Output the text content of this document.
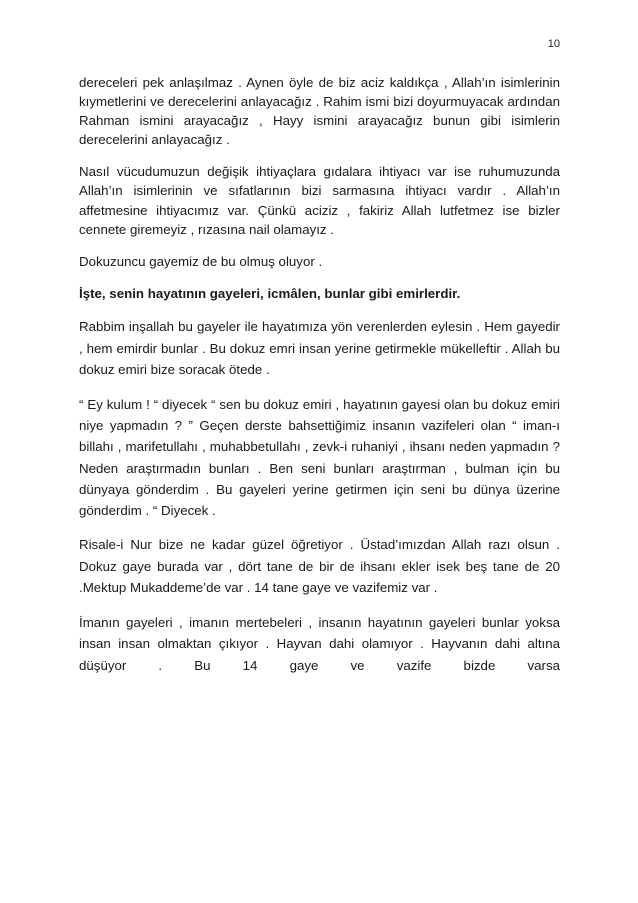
10

dereceleri pek anlaşılmaz . Aynen öyle de biz aciz kaldıkça , Allah’ın isimlerinin kıymetlerini ve derecelerini anlayacağız . Rahim ismi bizi doyurmuyacak ardından Rahman ismini arayacağız , Hayy ismini arayacağız bunun gibi isimlerin derecelerini anlayacağız .

Nasıl vücudumuzun değişik ihtiyaçlara gıdalara ihtiyacı var ise ruhumuzunda Allah’ın isimlerinin ve sıfatlarının bizi sarmasına ihtiyacı vardır . Allah’ın affetmesine ihtiyacımız var. Çünkü aciziz , fakiriz Allah lutfetmez ise bizler cennete giremeyiz , rızasına nail olamayız .

Dokuzuncu gayemiz de bu olmuş oluyor .

İşte, senin hayatının gayeleri, icmâlen, bunlar gibi emirlerdir.

Rabbim inşallah bu gayeler ile hayatımıza yön verenlerden eylesin . Hem gayedir , hem emirdir bunlar . Bu dokuz emri insan yerine getirmekle mükelleftir . Allah bu dokuz emiri bize soracak ötede .

“ Ey kulum ! “ diyecek “ sen bu dokuz emiri , hayatının gayesi olan bu dokuz emiri niye yapmadın ? ” Geçen derste bahsettiğimiz insanın vazifeleri olan “ iman-ı billahı , marifetullahı , muhabbetullahı , zevk-i ruhaniyi , ihsanı neden yapmadın ? Neden araştırmadın bunları . Ben seni bunları araştırman , bulman için bu dünyaya gönderdim . Bu gayeleri yerine getirmen için seni bu dünya üzerine gönderdim . “ Diyecek .

Risale-i Nur bize ne kadar güzel öğretiyor . Üstad’ımızdan Allah razı olsun . Dokuz gaye burada var , dört tane de bir de ihsanı ekler isek beş tane de 20 .Mektup Mukaddeme’de var . 14 tane gaye ve vazifemiz var .

İmanın gayeleri , imanın mertebeleri , insanın hayatının gayeleri bunlar yoksa insan insan olmaktan çıkıyor . Hayvan dahi olamıyor . Hayvanın dahi altına düşüyor . Bu 14 gaye ve vazife bizde varsa
